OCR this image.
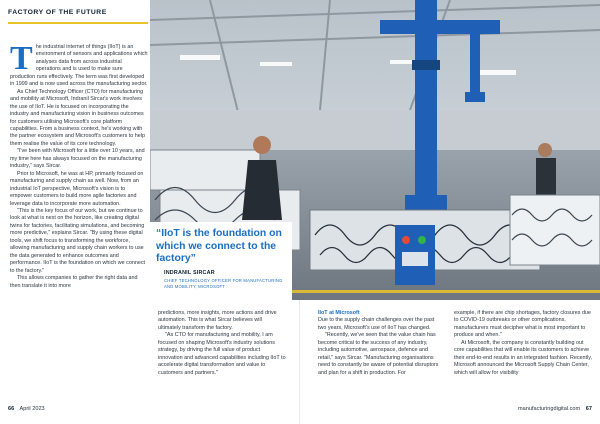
FACTORY OF THE FUTURE
“IIoT is the foundation on which we connect to the factory”
INDRANIL SIRCAR
CHIEF TECHNOLOGY OFFICER FOR MANUFACTURING AND MOBILITY, MICROSOFT
T he industrial internet of things (IIoT) is an environment of sensors and applications which analyses data from across industrial operations and is used to make sure production runs effectively. The term was first developed in 1999 and is now used across the manufacturing sector.

As Chief Technology Officer (CTO) for manufacturing and mobility at Microsoft, Indranil Sircar's work involves the use of IIoT. He is focused on incorporating the industry and manufacturing vision in business outcomes for customers utilising Microsoft's core platform capabilities. From a business context, he's working with the partner ecosystem and Microsoft's customers to help them realise the value of its core technology.

"I've been with Microsoft for a little over 10 years, and my time here has always focused on the manufacturing industry," says Sircar.

Prior to Microsoft, he was at HP, primarily focused on manufacturing and supply chain as well. Now, from an industrial IoT perspective, Microsoft's vision is to empower customers to build more agile factories and leverage data to incorporate more automation.

"This is the key focus of our work, but we continue to look at what is next on the horizon, like creating digital twins for factories, facilitating simulations, and becoming more predictive," explains Sircar. "By using these digital tools, we shift focus to transforming the workforce, allowing manufacturing and supply chain workers to use the data generated to enhance outcomes and performance. IIoT is the foundation on which we connect to the factory."

This allows companies to gather the right data and then translate it into more

predictions, more insights, more actions and drive automation. This is what Sircar believes will ultimately transform the factory.

"As CTO for manufacturing and mobility, I am focused on shaping Microsoft's industry solutions strategy, by driving the full value of product innovation and advanced capabilities including IIoT to accelerate digital transformation and value to customers and partners."

IIoT at Microsoft

Due to the supply chain challenges over the past two years, Microsoft's use of IIoT has changed.

"Recently, we've seen that the value chain has become critical to the success of any industry, including automotive, aerospace, defence and retail," says Sircar. "Manufacturing organisations need to constantly be aware of potential disruptors and plan for a shift in production. For

example, if there are chip shortages, factory closures due to COVID-19 outbreaks or other complications, manufacturers must decipher what is most important to produce and when."

At Microsoft, the company is constantly building out core capabilities that will enable its customers to achieve their end-to-end results in an integrated fashion. Recently, Microsoft announced the Microsoft Supply Chain Center, which will allow for visibility

66 April 2023	manufacturingdigital.com 67
